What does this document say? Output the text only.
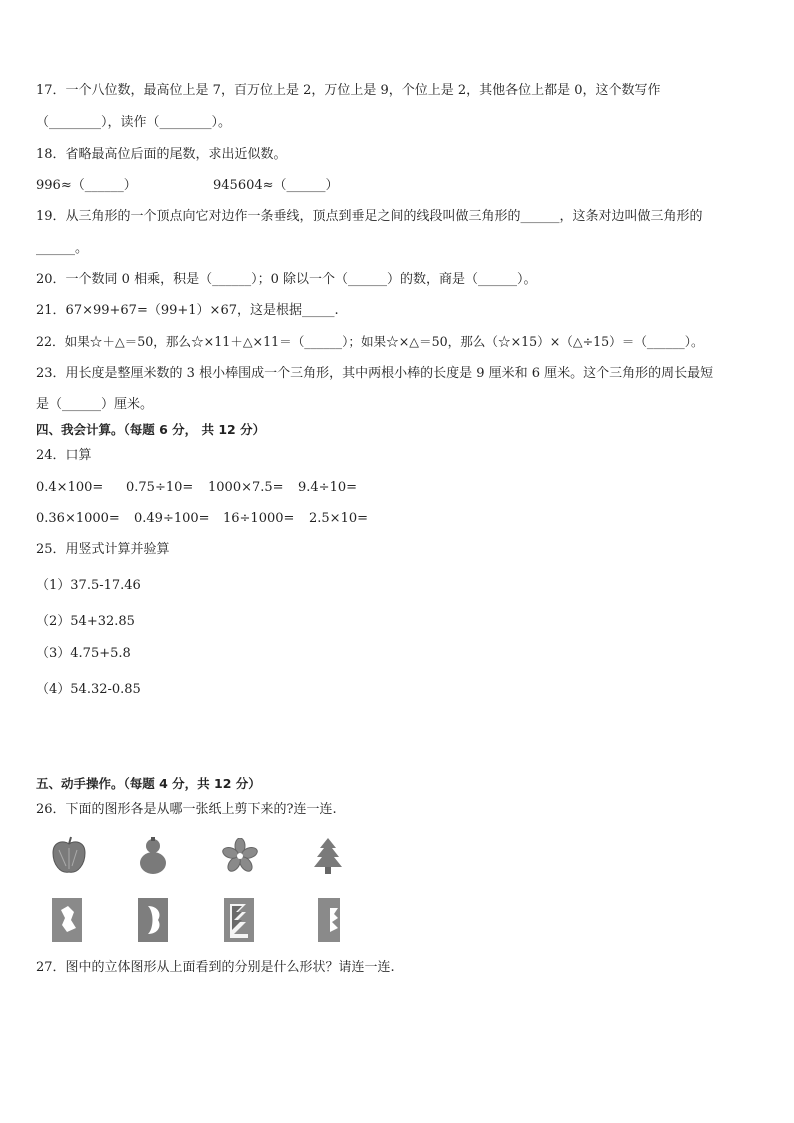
17．一个八位数，最高位上是 7，百万位上是 2，万位上是 9，个位上是 2，其他各位上都是 0，这个数写作
（________），读作（________）。
18．省略最高位后面的尾数，求出近似数。
996≈（______）	945604≈（______）
19．从三角形的一个顶点向它对边作一条垂线，顶点到垂足之间的线段叫做三角形的______，这条对边叫做三角形的
______。
20．一个数同 0 相乘，积是（______）；0 除以一个（______）的数，商是（______）。
21．67×99+67=（99+1）×67，这是根据_____.
22．如果☆＋△＝50，那么☆×11＋△×11＝（______）；如果☆×△＝50，那么（☆×15）×（△÷15）＝（______）。
23．用长度是整厘米数的 3 根小棒围成一个三角形，其中两根小棒的长度是 9 厘米和 6 厘米。这个三角形的周长最短
是（______）厘米。
四、我会计算。（每题 6 分， 共 12 分）
24．口算
0.4×100=	0.75÷10=	1000×7.5=	9.4÷10=
0.36×1000=	0.49÷100=	16÷1000=	2.5×10=
25．用竖式计算并验算
（1）37.5-17.46
（2）54+32.85
（3）4.75+5.8
（4）54.32-0.85
五、动手操作。（每题 4 分，共 12 分）
26．下面的图形各是从哪一张纸上剪下来的?连一连.
27．图中的立体图形从上面看到的分别是什么形状？请连一连.
